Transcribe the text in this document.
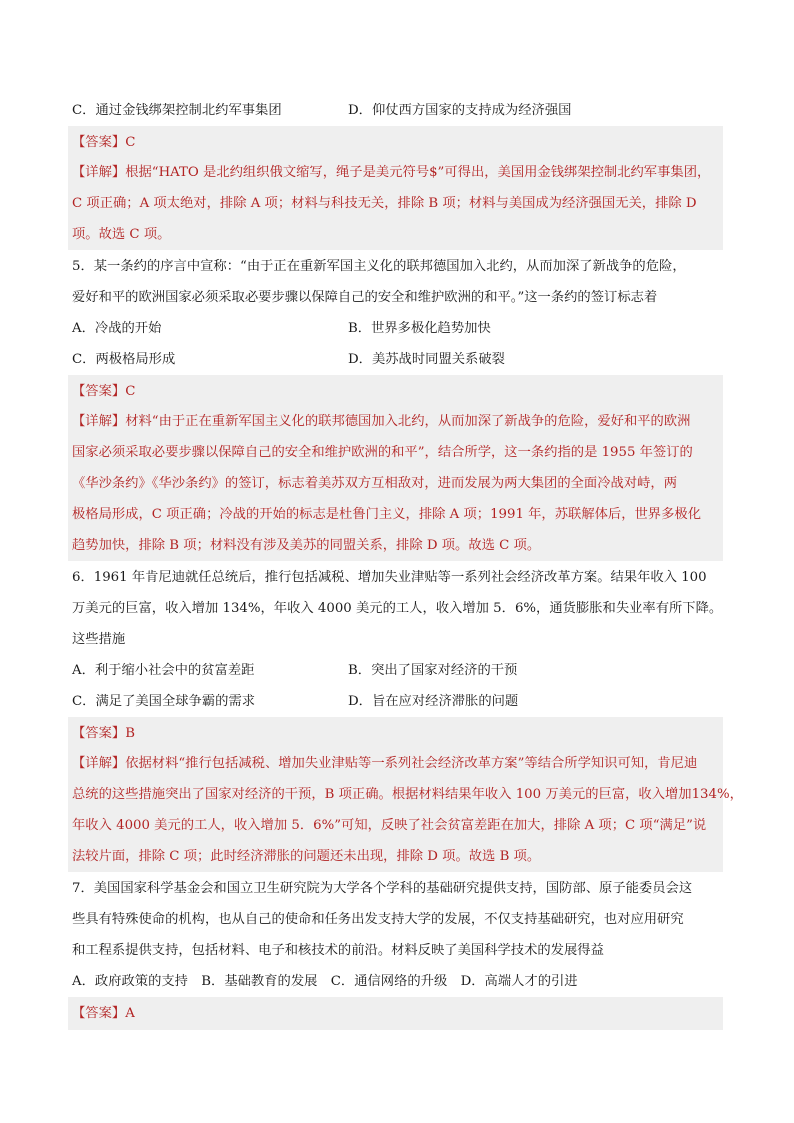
C．通过金钱绑架控制北约军事集团	D．仰仗西方国家的支持成为经济强国
【答案】C
【详解】根据“HATO 是北约组织俄文缩写，绳子是美元符号$”可得出，美国用金钱绑架控制北约军事集团，
C 项正确；A 项太绝对，排除 A 项；材料与科技无关，排除 B 项；材料与美国成为经济强国无关，排除 D
项。故选 C 项。
5．某一条约的序言中宣称：“由于正在重新军国主义化的联邦德国加入北约，从而加深了新战争的危险，
爱好和平的欧洲国家必须采取必要步骤以保障自己的安全和维护欧洲的和平。”这一条约的签订标志着
A．冷战的开始	B．世界多极化趋势加快
C．两极格局形成	D．美苏战时同盟关系破裂
【答案】C
【详解】材料“由于正在重新军国主义化的联邦德国加入北约，从而加深了新战争的危险，爱好和平的欧洲
国家必须采取必要步骤以保障自己的安全和维护欧洲的和平”，结合所学，这一条约指的是 1955 年签订的
《华沙条约》《华沙条约》的签订，标志着美苏双方互相敌对，进而发展为两大集团的全面冷战对峙，两
极格局形成，C 项正确；冷战的开始的标志是杜鲁门主义，排除 A 项；1991 年，苏联解体后，世界多极化
趋势加快，排除 B 项；材料没有涉及美苏的同盟关系，排除 D 项。故选 C 项。
6．1961 年肯尼迪就任总统后，推行包括减税、增加失业津贴等一系列社会经济改革方案。结果年收入 100
万美元的巨富，收入增加 134%，年收入 4000 美元的工人，收入增加 5．6%，通货膨胀和失业率有所下降。
这些措施
A．利于缩小社会中的贫富差距	B．突出了国家对经济的干预
C．满足了美国全球争霸的需求	D．旨在应对经济滞胀的问题
【答案】B
【详解】依据材料“推行包括减税、增加失业津贴等一系列社会经济改革方案”等结合所学知识可知，肯尼迪
总统的这些措施突出了国家对经济的干预，B 项正确。根据材料结果年收入 100 万美元的巨富，收入增加134%，
年收入 4000 美元的工人，收入增加 5．6%”可知，反映了社会贫富差距在加大，排除 A 项；C 项“满足”说
法较片面，排除 C 项；此时经济滞胀的问题还未出现，排除 D 项。故选 B 项。
7．美国国家科学基金会和国立卫生研究院为大学各个学科的基础研究提供支持，国防部、原子能委员会这
些具有特殊使命的机构，也从自己的使命和任务出发支持大学的发展，不仅支持基础研究，也对应用研究
和工程系提供支持，包括材料、电子和核技术的前沿。材料反映了美国科学技术的发展得益
A．政府政策的支持　B．基础教育的发展　C．通信网络的升级　D．高端人才的引进
【答案】A
